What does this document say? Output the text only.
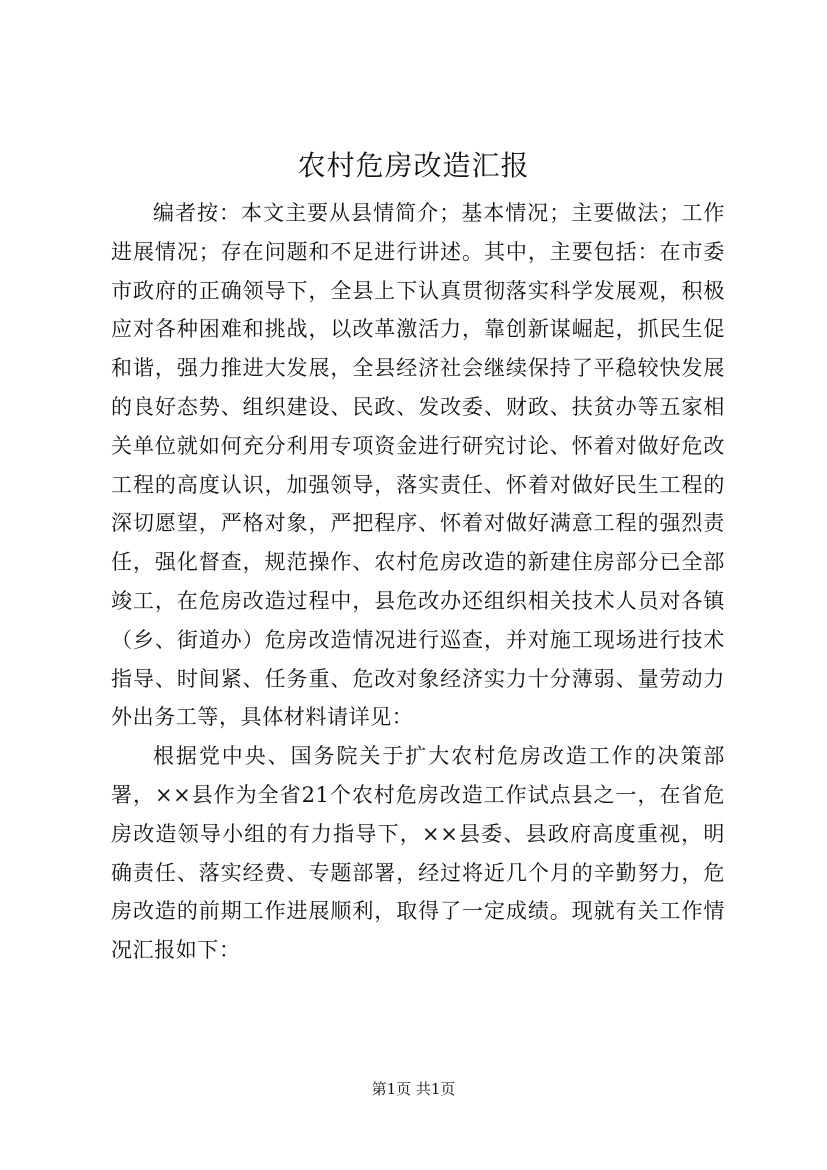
农村危房改造汇报

编者按：本文主要从县情简介；基本情况；主要做法；工作进展情况；存在问题和不足进行讲述。其中，主要包括：在市委市政府的正确领导下，全县上下认真贯彻落实科学发展观，积极应对各种困难和挑战，以改革激活力，靠创新谋崛起，抓民生促和谐，强力推进大发展，全县经济社会继续保持了平稳较快发展的良好态势、组织建设、民政、发改委、财政、扶贫办等五家相关单位就如何充分利用专项资金进行研究讨论、怀着对做好危改工程的高度认识，加强领导，落实责任、怀着对做好民生工程的深切愿望，严格对象，严把程序、怀着对做好满意工程的强烈责任，强化督查，规范操作、农村危房改造的新建住房部分已全部竣工，在危房改造过程中，县危改办还组织相关技术人员对各镇（乡、街道办）危房改造情况进行巡查，并对施工现场进行技术指导、时间紧、任务重、危改对象经济实力十分薄弱、量劳动力外出务工等，具体材料请详见：

根据党中央、国务院关于扩大农村危房改造工作的决策部署，××县作为全省21个农村危房改造工作试点县之一，在省危房改造领导小组的有力指导下，××县委、县政府高度重视，明确责任、落实经费、专题部署，经过将近几个月的辛勤努力，危房改造的前期工作进展顺利，取得了一定成绩。现就有关工作情况汇报如下：

第1页 共1页
